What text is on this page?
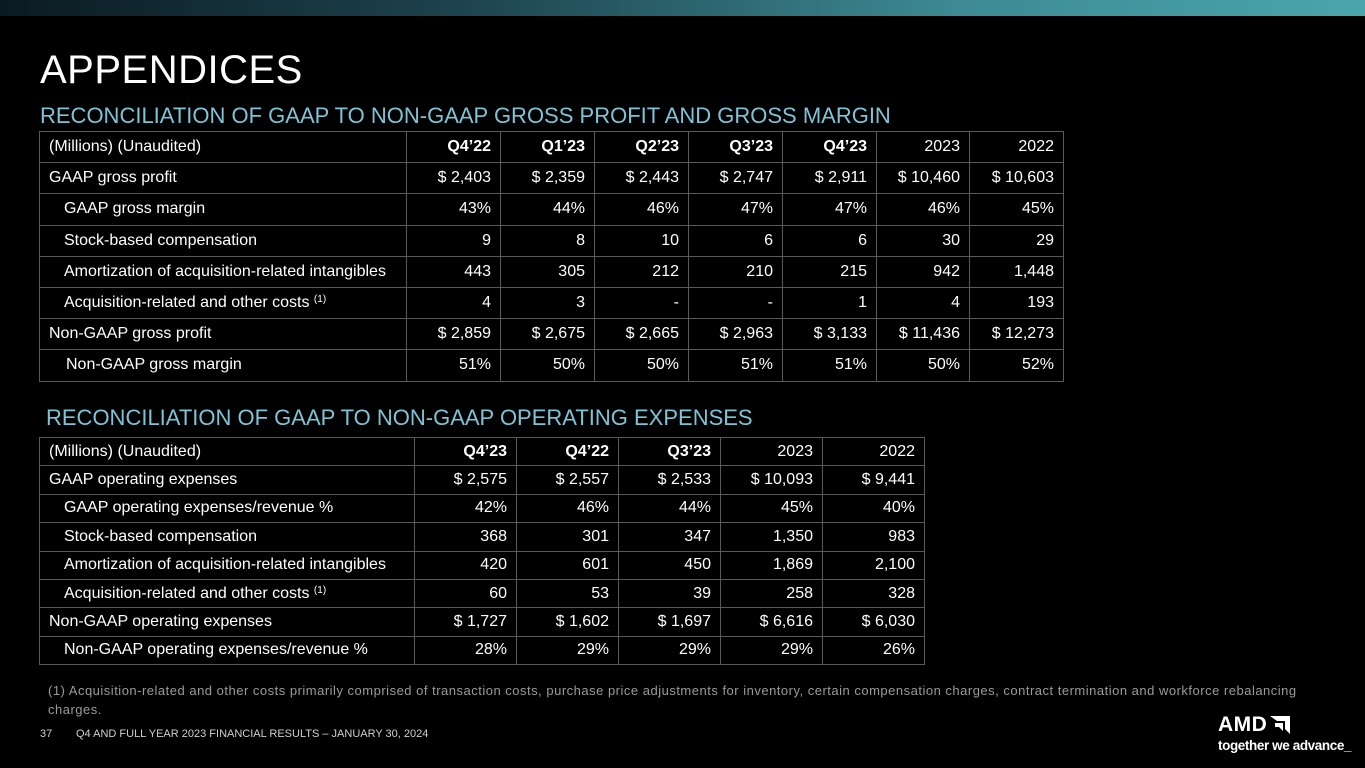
APPENDICES
RECONCILIATION OF GAAP TO NON-GAAP GROSS PROFIT AND GROSS MARGIN
(Millions) (Unaudited)	Q4’22	Q1’23	Q2’23	Q3’23	Q4’23	2023	2022
GAAP gross profit	$ 2,403	$ 2,359	$ 2,443	$ 2,747	$ 2,911	$ 10,460	$ 10,603
GAAP gross margin	43%	44%	46%	47%	47%	46%	45%
Stock-based compensation	9	8	10	6	6	30	29
Amortization of acquisition-related intangibles	443	305	212	210	215	942	1,448
Acquisition-related and other costs $^{(1)}$	4	3	-	-	1	4	193
Non-GAAP gross profit	$ 2,859	$ 2,675	$ 2,665	$ 2,963	$ 3,133	$ 11,436	$ 12,273
Non-GAAP gross margin	51%	50%	50%	51%	51%	50%	52%
RECONCILIATION OF GAAP TO NON-GAAP OPERATING EXPENSES
(Millions) (Unaudited)	Q4’23	Q4’22	Q3’23	2023	2022
GAAP operating expenses	$ 2,575	$ 2,557	$ 2,533	$ 10,093	$ 9,441
GAAP operating expenses/revenue %	42%	46%	44%	45%	40%
Stock-based compensation	368	301	347	1,350	983
Amortization of acquisition-related intangibles	420	601	450	1,869	2,100
Acquisition-related and other costs $^{(1)}$	60	53	39	258	328
Non-GAAP operating expenses	$ 1,727	$ 1,602	$ 1,697	$ 6,616	$ 6,030
Non-GAAP operating expenses/revenue %	28%	29%	29%	29%	26%
(1) Acquisition-related and other costs primarily comprised of transaction costs, purchase price adjustments for inventory, certain compensation charges, contract termination and workforce rebalancing charges.
37 Q4 AND FULL YEAR 2023 FINANCIAL RESULTS – JANUARY 30, 2024	AMD
together we advance_
